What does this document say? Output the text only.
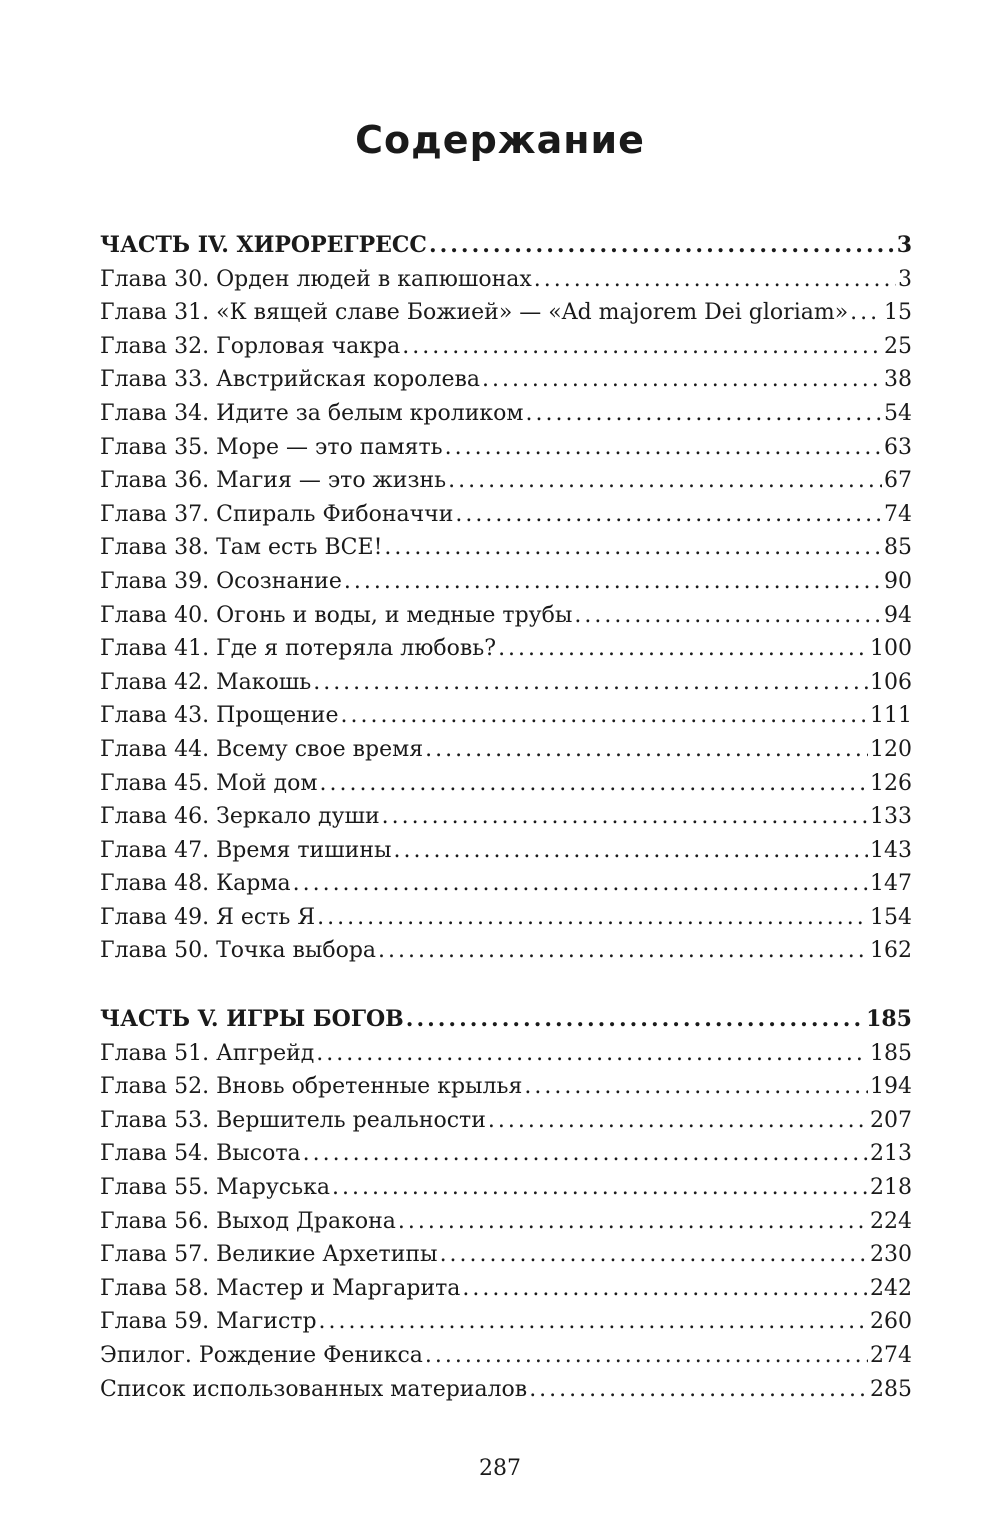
Содержание
ЧАСТЬ IV. ХИРОРЕГРЕСС .....	3
Глава 30. Орден людей в капюшонах .....	3
Глава 31. «К вящей славе Божией» — «Ad majorem Dei gloriam» ..... 15
Глава 32. Горловая чакра .....	25
Глава 33. Австрийская королева .....	38
Глава 34. Идите за белым кроликом .....	54
Глава 35. Море — это память .....	63
Глава 36. Магия — это жизнь .....	67
Глава 37. Спираль Фибоначчи .....	74
Глава 38. Там есть ВСЕ! .....	85
Глава 39. Осознание .....	90
Глава 40. Огонь и воды, и медные трубы .....	94
Глава 41. Где я потеряла любовь? .....	100
Глава 42. Макошь .....	106
Глава 43. Прощение .....	111
Глава 44. Всему свое время .....	120
Глава 45. Мой дом .....	126
Глава 46. Зеркало души .....	133
Глава 47. Время тишины .....	143
Глава 48. Карма .....	147
Глава 49. Я есть Я .....	154
Глава 50. Точка выбора .....	162
ЧАСТЬ V. ИГРЫ БОГОВ .....	185
Глава 51. Апгрейд .....	185
Глава 52. Вновь обретенные крылья .....	194
Глава 53. Вершитель реальности .....	207
Глава 54. Высота .....	213
Глава 55. Маруська .....	218
Глава 56. Выход Дракона .....	224
Глава 57. Великие Архетипы .....	230
Глава 58. Мастер и Маргарита .....	242
Глава 59. Магистр .....	260
Эпилог. Рождение Феникса .....	274
Список использованных материалов .....	285
287
